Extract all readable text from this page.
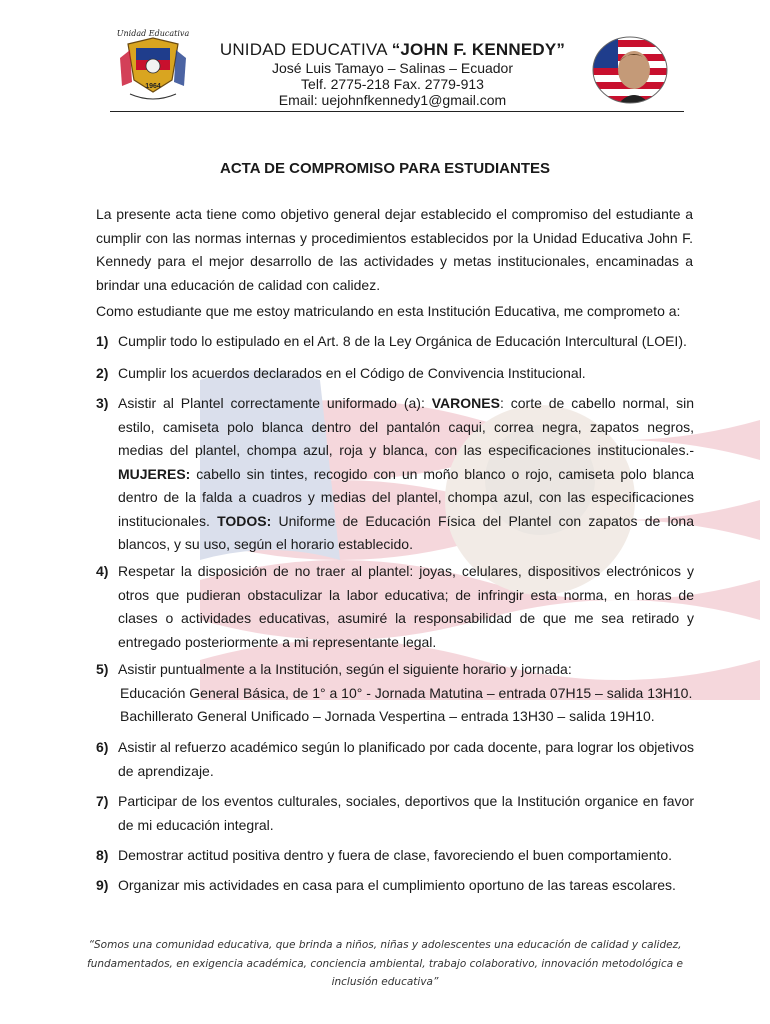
Unidad Educativa
1964
UNIDAD EDUCATIVA “JOHN F. KENNEDY”
José Luis Tamayo – Salinas – Ecuador
Telf. 2775-218 Fax. 2779-913
Email: uejohnfkennedy1@gmail.com
ACTA DE COMPROMISO PARA ESTUDIANTES
La presente acta tiene como objetivo general dejar establecido el compromiso del estudiante a cumplir con las normas internas y procedimientos establecidos por la Unidad Educativa John F. Kennedy para el mejor desarrollo de las actividades y metas institucionales, encaminadas a brindar una educación de calidad con calidez.
Como estudiante que me estoy matriculando en esta Institución Educativa, me comprometo a:
1) Cumplir todo lo estipulado en el Art. 8 de la Ley Orgánica de Educación Intercultural (LOEI).
2) Cumplir los acuerdos declarados en el Código de Convivencia Institucional.
3) Asistir al Plantel correctamente uniformado (a): VARONES: corte de cabello normal, sin estilo, camiseta polo blanca dentro del pantalón caqui, correa negra, zapatos negros, medias del plantel, chompa azul, roja y blanca, con las especificaciones institucionales.- MUJERES: cabello sin tintes, recogido con un moño blanco o rojo, camiseta polo blanca dentro de la falda a cuadros y medias del plantel, chompa azul, con las especificaciones institucionales. TODOS: Uniforme de Educación Física del Plantel con zapatos de lona blancos, y su uso, según el horario establecido.
4) Respetar la disposición de no traer al plantel: joyas, celulares, dispositivos electrónicos y otros que pudieran obstaculizar la labor educativa; de infringir esta norma, en horas de clases o actividades educativas, asumiré la responsabilidad de que me sea retirado y entregado posteriormente a mi representante legal.
5) Asistir puntualmente a la Institución, según el siguiente horario y jornada:
Educación General Básica, de 1° a 10° - Jornada Matutina – entrada 07H15 – salida 13H10.
Bachillerato General Unificado – Jornada Vespertina – entrada 13H30 – salida 19H10.
6) Asistir al refuerzo académico según lo planificado por cada docente, para lograr los objetivos de aprendizaje.
7) Participar de los eventos culturales, sociales, deportivos que la Institución organice en favor de mi educación integral.
8) Demostrar actitud positiva dentro y fuera de clase, favoreciendo el buen comportamiento.
9) Organizar mis actividades en casa para el cumplimiento oportuno de las tareas escolares.
“Somos una comunidad educativa, que brinda a niños, niñas y adolescentes una educación de calidad y calidez, fundamentados, en exigencia académica, conciencia ambiental, trabajo colaborativo, innovación metodológica e inclusión educativa”
